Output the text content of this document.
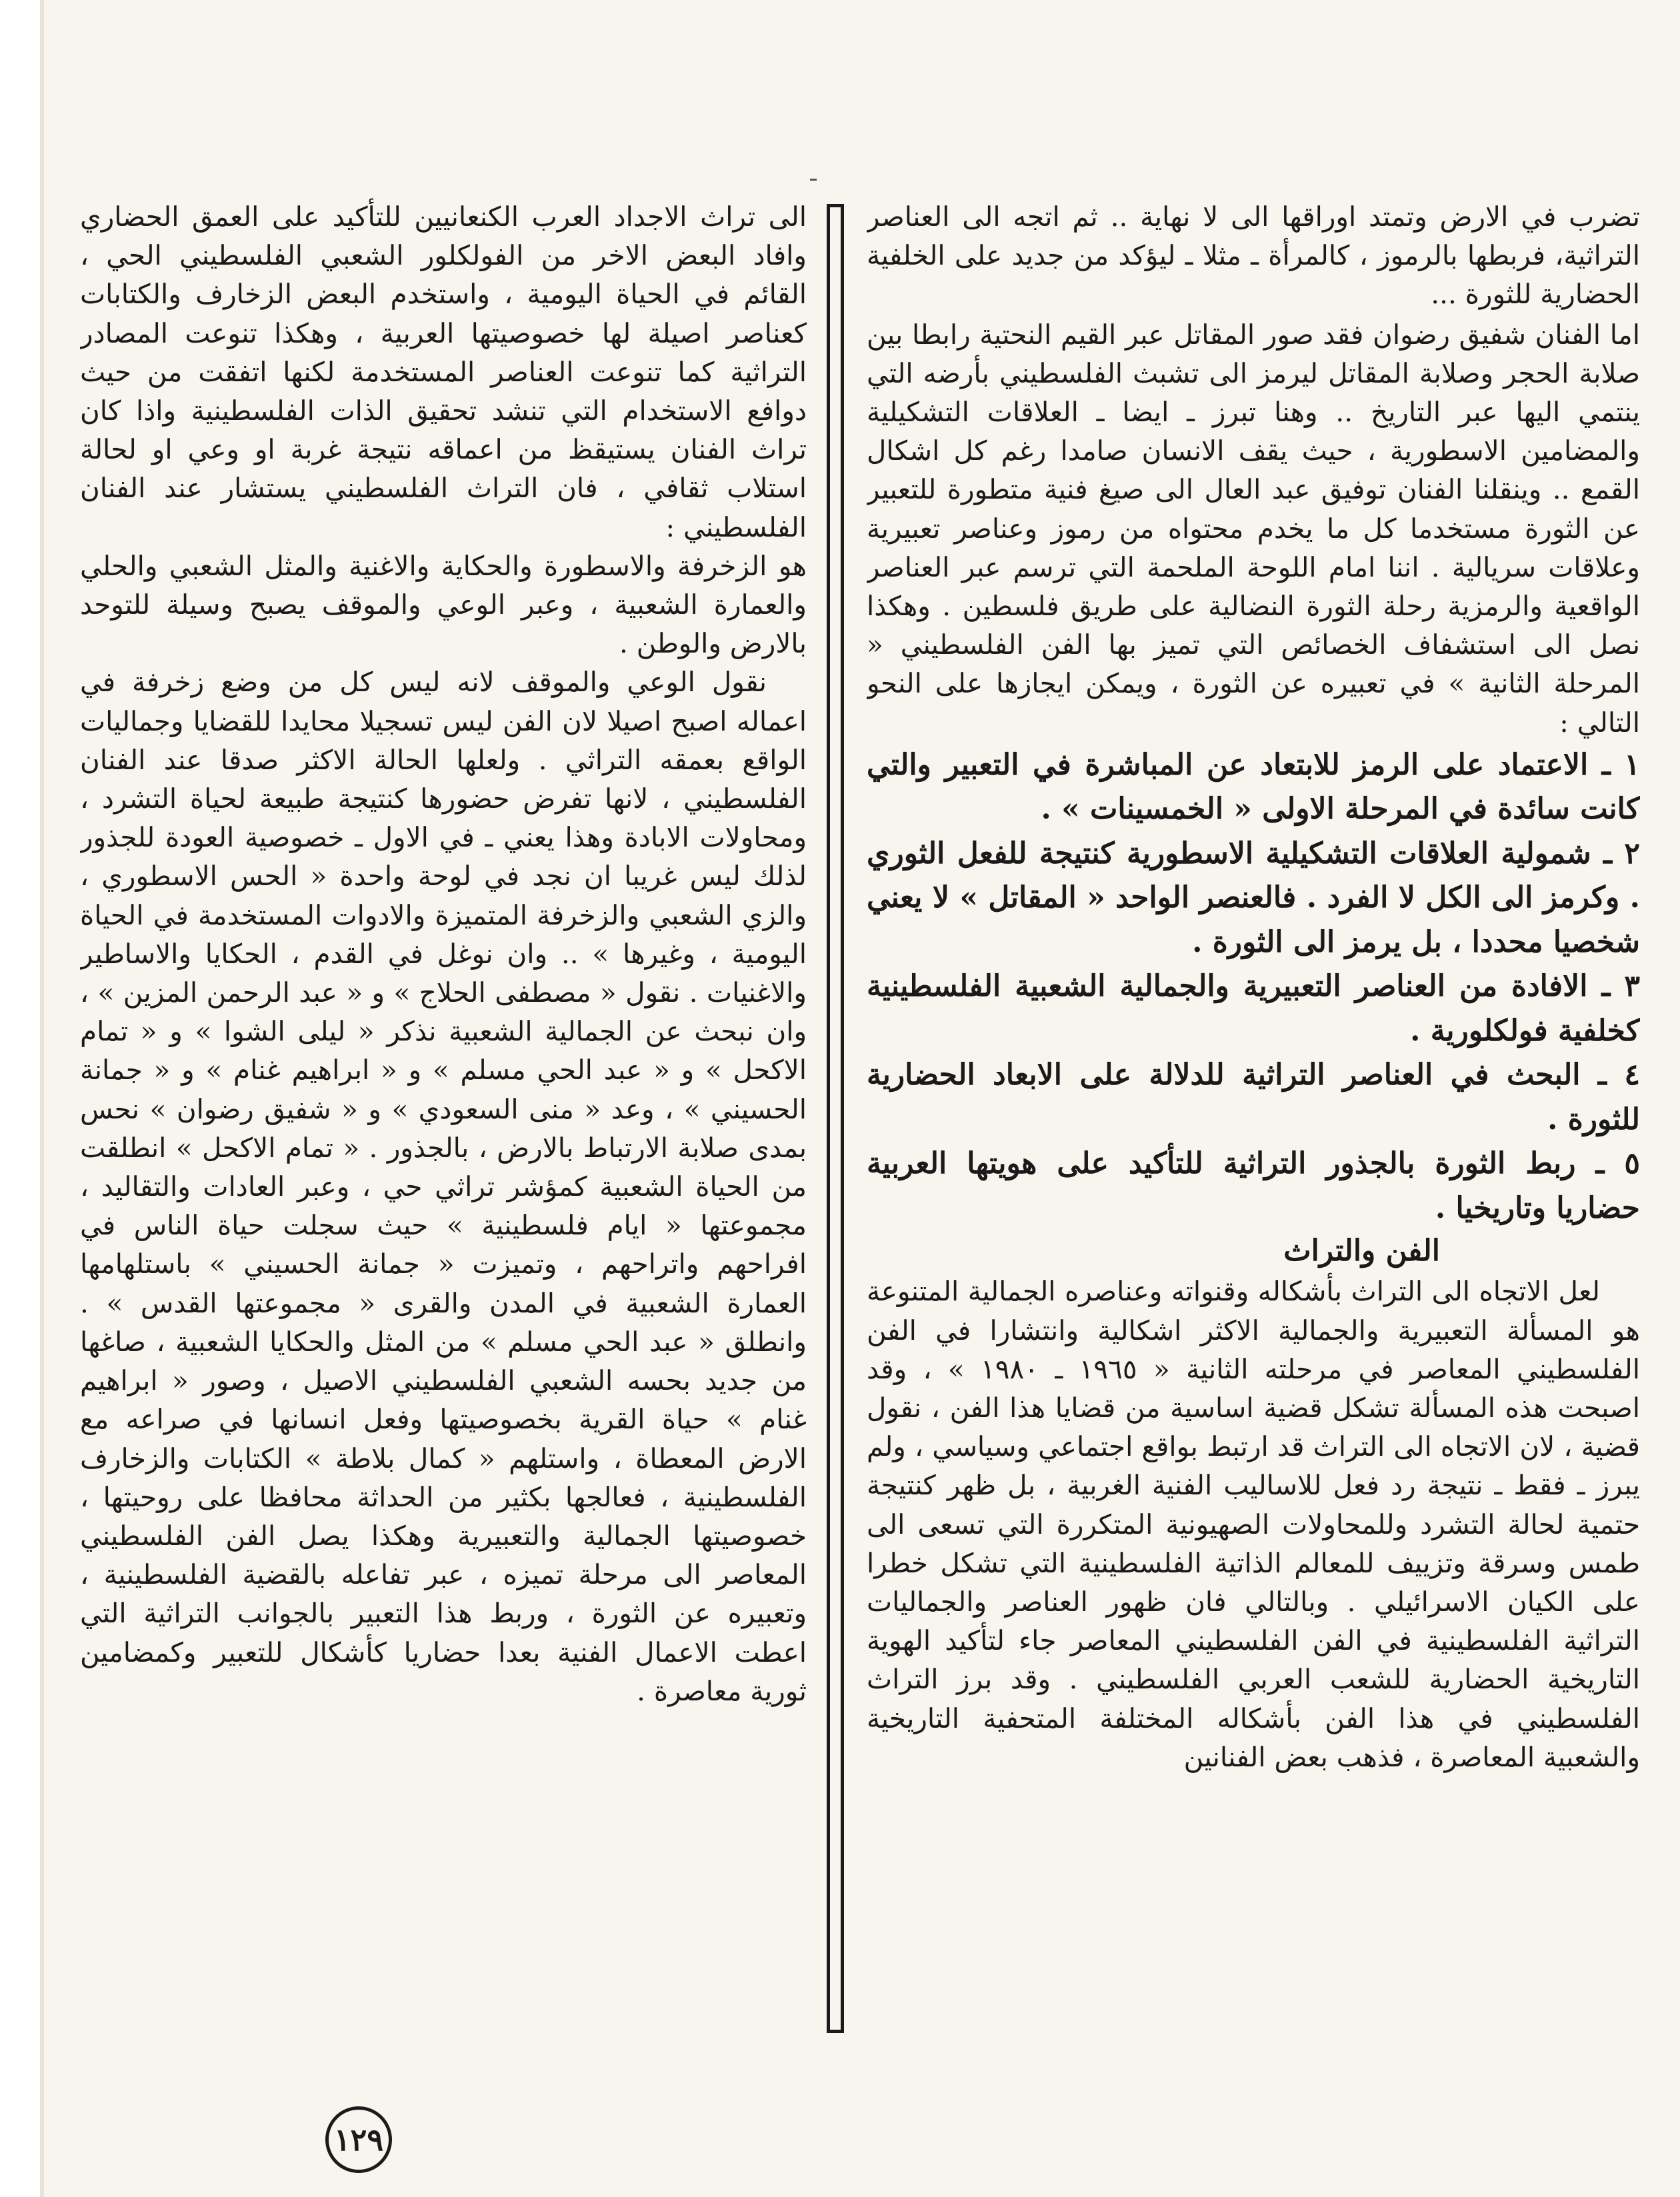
تضرب في الارض وتمتد اوراقها الى لا نهاية .. ثم اتجه الى العناصر التراثية، فربطها بالرموز ، كالمرأة ـ مثلا ـ ليؤكد من جديد على الخلفية الحضارية للثورة ...

اما الفنان شفيق رضوان فقد صور المقاتل عبر القيم النحتية رابطا بين صلابة الحجر وصلابة المقاتل ليرمز الى تشبث الفلسطيني بأرضه التي ينتمي اليها عبر التاريخ .. وهنا تبرز ـ ايضا ـ العلاقات التشكيلية والمضامين الاسطورية ، حيث يقف الانسان صامدا رغم كل اشكال القمع .. وينقلنا الفنان توفيق عبد العال الى صيغ فنية متطورة للتعبير عن الثورة مستخدما كل ما يخدم محتواه من رموز وعناصر تعبيرية وعلاقات سريالية . اننا امام اللوحة الملحمة التي ترسم عبر العناصر الواقعية والرمزية رحلة الثورة النضالية على طريق فلسطين . وهكذا نصل الى استشفاف الخصائص التي تميز بها الفن الفلسطيني « المرحلة الثانية » في تعبيره عن الثورة ، ويمكن ايجازها على النحو التالي :

١ ـ الاعتماد على الرمز للابتعاد عن المباشرة في التعبير والتي كانت سائدة في المرحلة الاولى « الخمسينات » .

٢ ـ شمولية العلاقات التشكيلية الاسطورية كنتيجة للفعل الثوري . وكرمز الى الكل لا الفرد . فالعنصر الواحد « المقاتل » لا يعني شخصيا محددا ، بل يرمز الى الثورة .

٣ ـ الافادة من العناصر التعبيرية والجمالية الشعبية الفلسطينية كخلفية فولكلورية .

٤ ـ البحث في العناصر التراثية للدلالة على الابعاد الحضارية للثورة .

٥ ـ ربط الثورة بالجذور التراثية للتأكيد على هويتها العربية حضاريا وتاريخيا .

الفن والتراث

لعل الاتجاه الى التراث بأشكاله وقنواته وعناصره الجمالية المتنوعة هو المسألة التعبيرية والجمالية الاكثر اشكالية وانتشارا في الفن الفلسطيني المعاصر في مرحلته الثانية « ١٩٦٥ ـ ١٩٨٠ » ، وقد اصبحت هذه المسألة تشكل قضية اساسية من قضايا هذا الفن ، نقول قضية ، لان الاتجاه الى التراث قد ارتبط بواقع اجتماعي وسياسي ، ولم يبرز ـ فقط ـ نتيجة رد فعل للاساليب الفنية الغربية ، بل ظهر كنتيجة حتمية لحالة التشرد وللمحاولات الصهيونية المتكررة التي تسعى الى طمس وسرقة وتزييف للمعالم الذاتية الفلسطينية التي تشكل خطرا على الكيان الاسرائيلي . وبالتالي فان ظهور العناصر والجماليات التراثية الفلسطينية في الفن الفلسطيني المعاصر جاء لتأكيد الهوية التاريخية الحضارية للشعب العربي الفلسطيني . وقد برز التراث الفلسطيني في هذا الفن بأشكاله المختلفة المتحفية التاريخية والشعبية المعاصرة ، فذهب بعض الفنانين

الى تراث الاجداد العرب الكنعانيين للتأكيد على العمق الحضاري وافاد البعض الاخر من الفولكلور الشعبي الفلسطيني الحي ، القائم في الحياة اليومية ، واستخدم البعض الزخارف والكتابات كعناصر اصيلة لها خصوصيتها العربية ، وهكذا تنوعت المصادر التراثية كما تنوعت العناصر المستخدمة لكنها اتفقت من حيث دوافع الاستخدام التي تنشد تحقيق الذات الفلسطينية واذا كان تراث الفنان يستيقظ من اعماقه نتيجة غربة او وعي او لحالة استلاب ثقافي ، فان التراث الفلسطيني يستشار عند الفنان الفلسطيني :

هو الزخرفة والاسطورة والحكاية والاغنية والمثل الشعبي والحلي والعمارة الشعبية ، وعبر الوعي والموقف يصبح وسيلة للتوحد بالارض والوطن .

نقول الوعي والموقف لانه ليس كل من وضع زخرفة في اعماله اصبح اصيلا لان الفن ليس تسجيلا محايدا للقضايا وجماليات الواقع بعمقه التراثي . ولعلها الحالة الاكثر صدقا عند الفنان الفلسطيني ، لانها تفرض حضورها كنتيجة طبيعة لحياة التشرد ، ومحاولات الابادة وهذا يعني ـ في الاول ـ خصوصية العودة للجذور لذلك ليس غريبا ان نجد في لوحة واحدة « الحس الاسطوري ، والزي الشعبي والزخرفة المتميزة والادوات المستخدمة في الحياة اليومية ، وغيرها » .. وان نوغل في القدم ، الحكايا والاساطير والاغنيات . نقول « مصطفى الحلاج » و « عبد الرحمن المزين » ، وان نبحث عن الجمالية الشعبية نذكر « ليلى الشوا » و « تمام الاكحل » و « عبد الحي مسلم » و « ابراهيم غنام » و « جمانة الحسيني » ، وعد « منى السعودي » و « شفيق رضوان » نحس بمدى صلابة الارتباط بالارض ، بالجذور . « تمام الاكحل » انطلقت من الحياة الشعبية كمؤشر تراثي حي ، وعبر العادات والتقاليد ، مجموعتها « ايام فلسطينية » حيث سجلت حياة الناس في افراحهم واتراحهم ، وتميزت « جمانة الحسيني » باستلهامها العمارة الشعبية في المدن والقرى « مجموعتها القدس » . وانطلق « عبد الحي مسلم » من المثل والحكايا الشعبية ، صاغها من جديد بحسه الشعبي الفلسطيني الاصيل ، وصور « ابراهيم غنام » حياة القرية بخصوصيتها وفعل انسانها في صراعه مع الارض المعطاة ، واستلهم « كمال بلاطة » الكتابات والزخارف الفلسطينية ، فعالجها بكثير من الحداثة محافظا على روحيتها ، خصوصيتها الجمالية والتعبيرية وهكذا يصل الفن الفلسطيني المعاصر الى مرحلة تميزه ، عبر تفاعله بالقضية الفلسطينية ، وتعبيره عن الثورة ، وربط هذا التعبير بالجوانب التراثية التي اعطت الاعمال الفنية بعدا حضاريا كأشكال للتعبير وكمضامين ثورية معاصرة .

١٢٩
